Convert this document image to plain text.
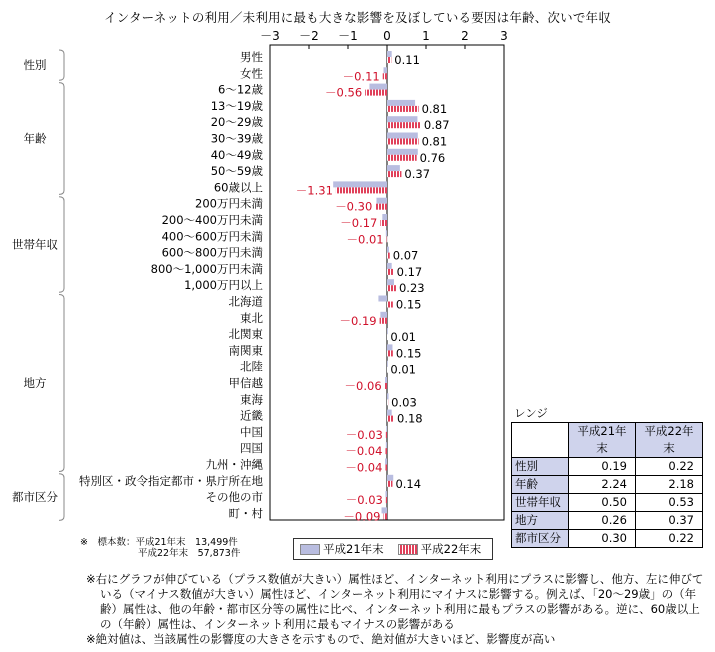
インターネットの利用／未利用に最も大きな影響を及ぼしている要因は年齢、次いで年収
－3 －2 －1 0	1	2	3
男性	0.11
女性	－0.11
6～12歳	－0.56
13～19歳	0.81
20～29歳	0.87
30～39歳	0.81
40～49歳	0.76
50～59歳	0.37
60歳以上	－1.31
200万円未満	－0.30
200～400万円未満	－0.17
400～600万円未満	－0.01
600～800万円未満	0.07
800～1,000万円未満	0.17
1,000万円以上	0.23
北海道	0.15
東北	－0.19
北関東	0.01
南関東	0.15
北陸	0.01
甲信越	－0.06
東海	0.03
近畿	0.18
中国	－0.03
四国	－0.04
九州・沖縄	－0.04
特別区・政令指定都市・県庁所在地	0.14
その他の市	－0.03
町・村	－0.09
性別
年齢
世帯年収
地方
都市区分
レンジ
	平成21年末	平成22年末
性別	0.19	0.22
年齢	2.24	2.18
世帯年収	0.50	0.53
地方	0.26	0.37
都市区分	0.30	0.22
※　標本数：平成21年末　13,499件
平成22年末　57,873件	平成21年末	平成22年末

※右にグラフが伸びている（プラス数値が大きい）属性ほど、インターネット利用にプラスに影響し、他方、左に伸びて

いる（マイナス数値が大きい）属性ほど、インターネット利用にマイナスに影響する。例えば、「20～29歳」の（年

齢）属性は、他の年齢・都市区分等の属性に比べ、インターネット利用に最もプラスの影響がある。逆に、60歳以上

の（年齢）属性は、インターネット利用に最もマイナスの影響がある

※絶対値は、当該属性の影響度の大きさを示すもので、絶対値が大きいほど、影響度が高い
